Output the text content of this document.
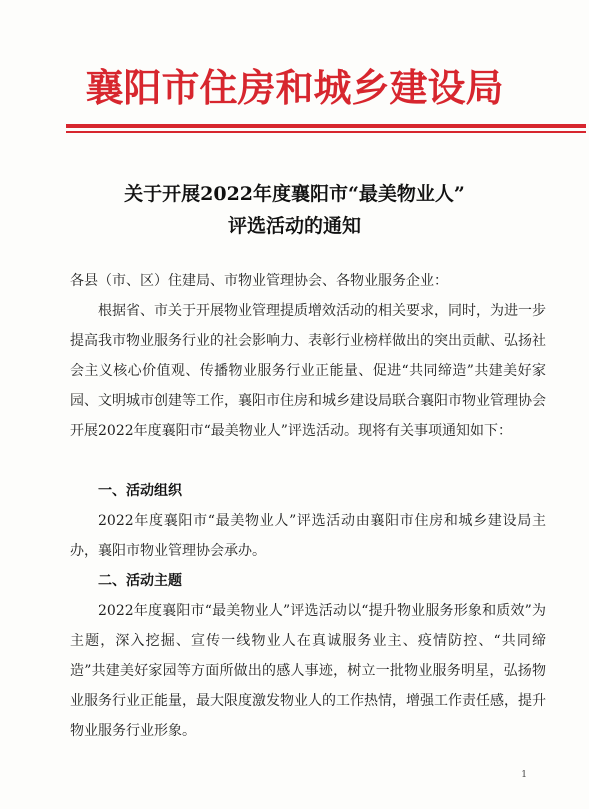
襄阳市住房和城乡建设局
关于开展2022年度襄阳市“最美物业人”
评选活动的通知
各县（市、区）住建局、市物业管理协会、各物业服务企业：
根据省、市关于开展物业管理提质增效活动的相关要求，同时，为进一步提高我市物业服务行业的社会影响力、表彰行业榜样做出的突出贡献、弘扬社会主义核心价值观、传播物业服务行业正能量、促进“共同缔造”共建美好家园、文明城市创建等工作，襄阳市住房和城乡建设局联合襄阳市物业管理协会开展2022年度襄阳市“最美物业人”评选活动。现将有关事项通知如下：
一、活动组织
2022年度襄阳市“最美物业人”评选活动由襄阳市住房和城乡建设局主办，襄阳市物业管理协会承办。
二、活动主题
2022年度襄阳市“最美物业人”评选活动以“提升物业服务形象和质效”为主题，深入挖掘、宣传一线物业人在真诚服务业主、疫情防控、“共同缔造”共建美好家园等方面所做出的感人事迹，树立一批物业服务明星，弘扬物业服务行业正能量，最大限度激发物业人的工作热情，增强工作责任感，提升物业服务行业形象。
1
